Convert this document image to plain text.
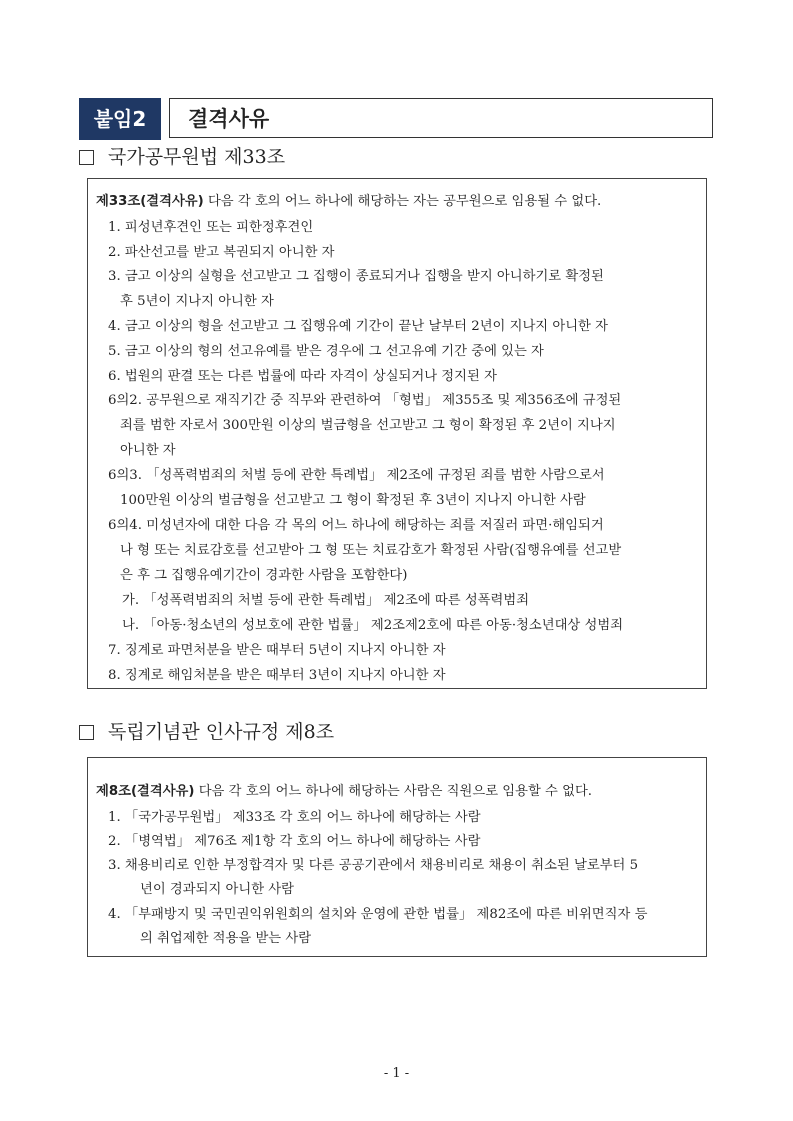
붙임2	결격사유
국가공무원법 제33조
제33조(결격사유) 다음 각 호의 어느 하나에 해당하는 자는 공무원으로 임용될 수 없다.
1. 피성년후견인 또는 피한정후견인
2. 파산선고를 받고 복권되지 아니한 자
3. 금고 이상의 실형을 선고받고 그 집행이 종료되거나 집행을 받지 아니하기로 확정된
후 5년이 지나지 아니한 자
4. 금고 이상의 형을 선고받고 그 집행유예 기간이 끝난 날부터 2년이 지나지 아니한 자
5. 금고 이상의 형의 선고유예를 받은 경우에 그 선고유예 기간 중에 있는 자
6. 법원의 판결 또는 다른 법률에 따라 자격이 상실되거나 정지된 자
6의2. 공무원으로 재직기간 중 직무와 관련하여 「형법」 제355조 및 제356조에 규정된
죄를 범한 자로서 300만원 이상의 벌금형을 선고받고 그 형이 확정된 후 2년이 지나지
아니한 자
6의3. 「성폭력범죄의 처벌 등에 관한 특례법」 제2조에 규정된 죄를 범한 사람으로서
100만원 이상의 벌금형을 선고받고 그 형이 확정된 후 3년이 지나지 아니한 사람
6의4. 미성년자에 대한 다음 각 목의 어느 하나에 해당하는 죄를 저질러 파면·해임되거
나 형 또는 치료감호를 선고받아 그 형 또는 치료감호가 확정된 사람(집행유예를 선고받
은 후 그 집행유예기간이 경과한 사람을 포함한다)
가. 「성폭력범죄의 처벌 등에 관한 특례법」 제2조에 따른 성폭력범죄
나. 「아동·청소년의 성보호에 관한 법률」 제2조제2호에 따른 아동·청소년대상 성범죄
7. 징계로 파면처분을 받은 때부터 5년이 지나지 아니한 자
8. 징계로 해임처분을 받은 때부터 3년이 지나지 아니한 자
독립기념관 인사규정 제8조
제8조(결격사유) 다음 각 호의 어느 하나에 해당하는 사람은 직원으로 임용할 수 없다.
1. 「국가공무원법」 제33조 각 호의 어느 하나에 해당하는 사람
2. 「병역법」 제76조 제1항 각 호의 어느 하나에 해당하는 사람
3. 채용비리로 인한 부정합격자 및 다른 공공기관에서 채용비리로 채용이 취소된 날로부터 5
년이 경과되지 아니한 사람
4. 「부패방지 및 국민권익위원회의 설치와 운영에 관한 법률」 제82조에 따른 비위면직자 등
의 취업제한 적용을 받는 사람
- 1 -
